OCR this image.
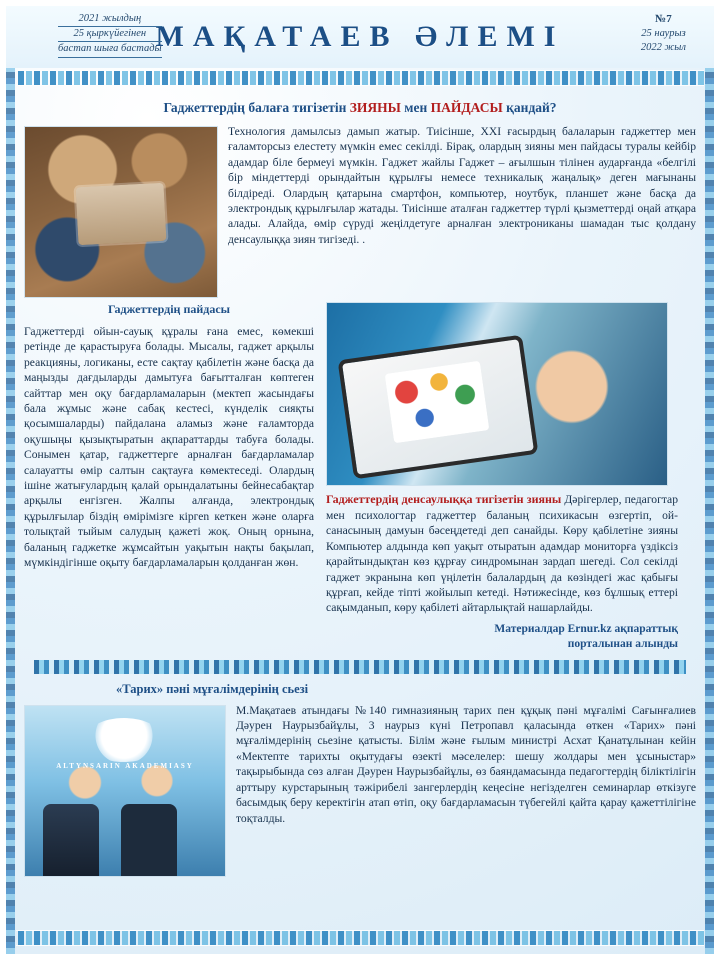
2021 жылдың
25 қыркүйегінен
бастап шыға бастады
МАҚАТАЕВ ӘЛЕМІ
№7
25 наурыз
2022 жыл
Гаджеттердің балаға тигізетін ЗИЯНЫ мен ПАЙДАСЫ қандай?

Технология дамылсыз дамып жатыр. Тиісінше, XXI ғасырдың балаларын гаджеттер мен ғаламторсыз елестету мүмкін емес секілді. Бірақ, олардың зияны мен пайдасы туралы кейбір адамдар біле бермеуі мүмкін. Гаджет жайлы Гаджет – ағылшын тілінен аударғанда «белгілі бір міндеттерді орындайтын құрылғы немесе техникалық жаңалық» деген мағынаны білдіреді. Олардың қатарына смартфон, компьютер, ноутбук, планшет және басқа да электрондық құрылғылар жатады. Тиісінше аталған гаджеттер түрлі қызметтерді оңай атқара алады. Алайда, өмір сүруді жеңілдетуге арналған электрониканы шамадан тыс қолдану денсаулыққа зиян тигізеді. .

Гаджеттердің пайдасы

Гаджеттерді ойын-сауық құралы ғана емес, көмекші ретінде де қарастыруға болады. Мысалы, гаджет арқылы реакцияны, логиканы, есте сақтау қабілетін және басқа да маңызды дағдыларды дамытуға бағытталған көптеген сайттар мен оқу бағдарламаларын (мектеп жасындағы бала жұмыс және сабақ кестесі, күнделік сияқты қосымшаларды) пайдалана аламыз және ғаламторда оқушыңы қызықтыратын ақпараттарды табуға болады. Сонымен қатар, гаджеттерге арналған бағдарламалар салауатты өмір салтын сақтауға көмектеседі. Олардың ішіне жатығулардың қалай орындалатыны бейнесабақтар арқылы енгізген. Жалпы алғанда, электрондық құрылғылар біздің өмірімізге кіргеn кеткен және оларға толықтай тыйым салудың қажеті жоқ. Оның орнына, баланың гаджетке жұмсайтын уақытын нақты бақылап, мүмкіндігінше оқыту бағдарламаларын қолданған жөн.

Гаджеттердің денсаулыққа тигізетін зияны Дәрігерлер, педагогтар мен психологтар гаджеттер баланың психикасын өзгертіп, ой-санасының дамуын бәсеңдетеді деп санайды. Көру қабілетіне зияны Компьютер алдында көп уақыт отыратын адамдар мониторға үздіксіз қарайтындықтан көз құрғау синдромынан зардап шегеді. Сол секілді гаджет экранына көп үңілетін балалардың да көзіндегі жас қабығы құрғап, кейде тіпті жойылып кетеді. Нәтижесінде, көз бұлшық еттері сақымданып, көру қабілеті айтарлықтай нашарлайды.

Материалдар Ernur.kz ақпараттық
порталынан алынды
«Тарих» пәні мұғалімдерінің сьезі
ALTYNSARIN AKADEMIASY

М.Мақатаев атындағы №140 гимназияның тарих пен құқық пәні мұғалімі Сағынғалиев Дәурен Наурызбайұлы, 3 наурыз күні Петропавл қаласында өткен «Тарих» пәні мұғалімдерінің сьезіне қатысты. Білім және ғылым министрі Асхат Қанатұлынан кейін «Мектепте тарихты оқытудағы өзекті мәселелер: шешу жолдары мен ұсыныстар» тақырыбында сөз алған Дәурен Наурызбайұлы, өз баяндамасында педагогтердің біліктілігін арттыру курстарының тәжірибелі зангерлердің кеңесіне негізделген семинарлар өткізуге басымдық беру керектігін атап өтіп, оқу бағдарламасын түбегейлі қайта қарау қажеттілігіне тоқталды.
